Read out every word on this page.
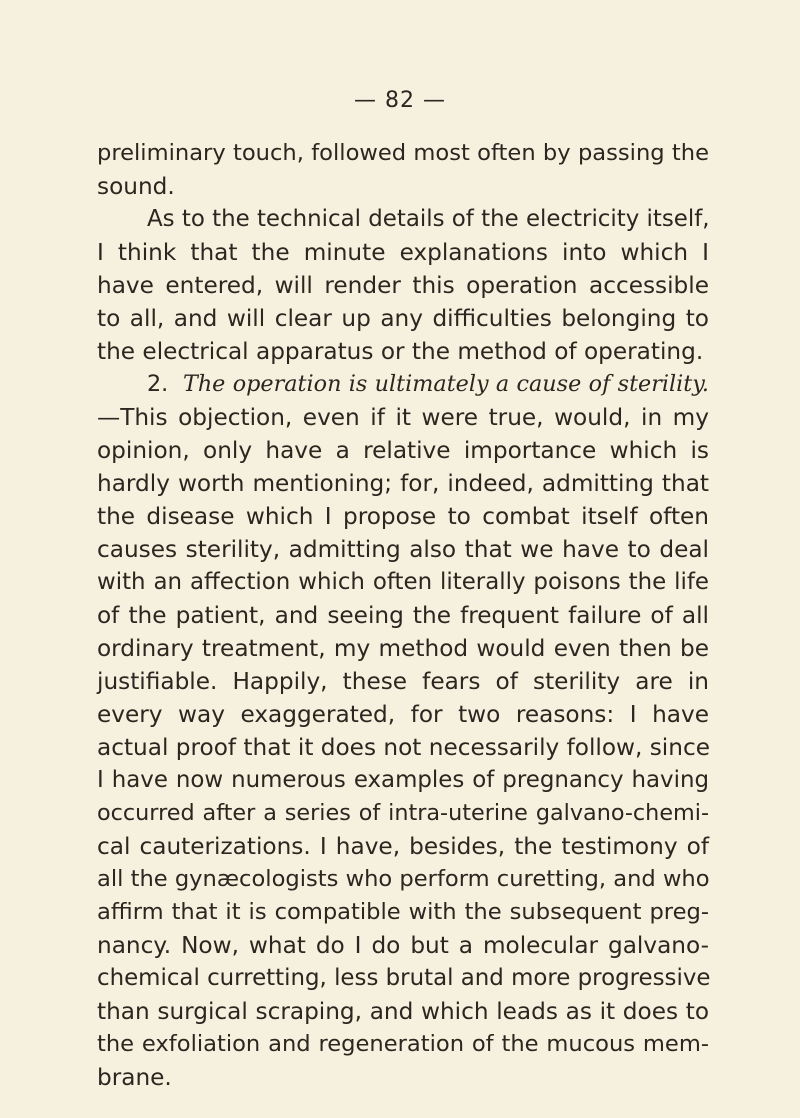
— 82 —
preliminary touch, followed most often by passing the
sound.
As to the technical details of the electricity itself,
I think that the minute explanations into which I
have entered, will render this operation accessible
to all, and will clear up any difficulties belonging to
the electrical apparatus or the method of operating.
2. The operation is ultimately a cause of sterility.
—This objection, even if it were true, would, in my
opinion, only have a relative importance which is
hardly worth mentioning; for, indeed, admitting that
the disease which I propose to combat itself often
causes sterility, admitting also that we have to deal
with an affection which often literally poisons the life
of the patient, and seeing the frequent failure of all
ordinary treatment, my method would even then be
justifiable. Happily, these fears of sterility are in
every way exaggerated, for two reasons: I have
actual proof that it does not necessarily follow, since
I have now numerous examples of pregnancy having
occurred after a series of intra-uterine galvano-chemi-
cal cauterizations. I have, besides, the testimony of
all the gynæcologists who perform curetting, and who
affirm that it is compatible with the subsequent preg-
nancy. Now, what do I do but a molecular galvano-
chemical curretting, less brutal and more progressive
than surgical scraping, and which leads as it does to
the exfoliation and regeneration of the mucous mem-
brane.
